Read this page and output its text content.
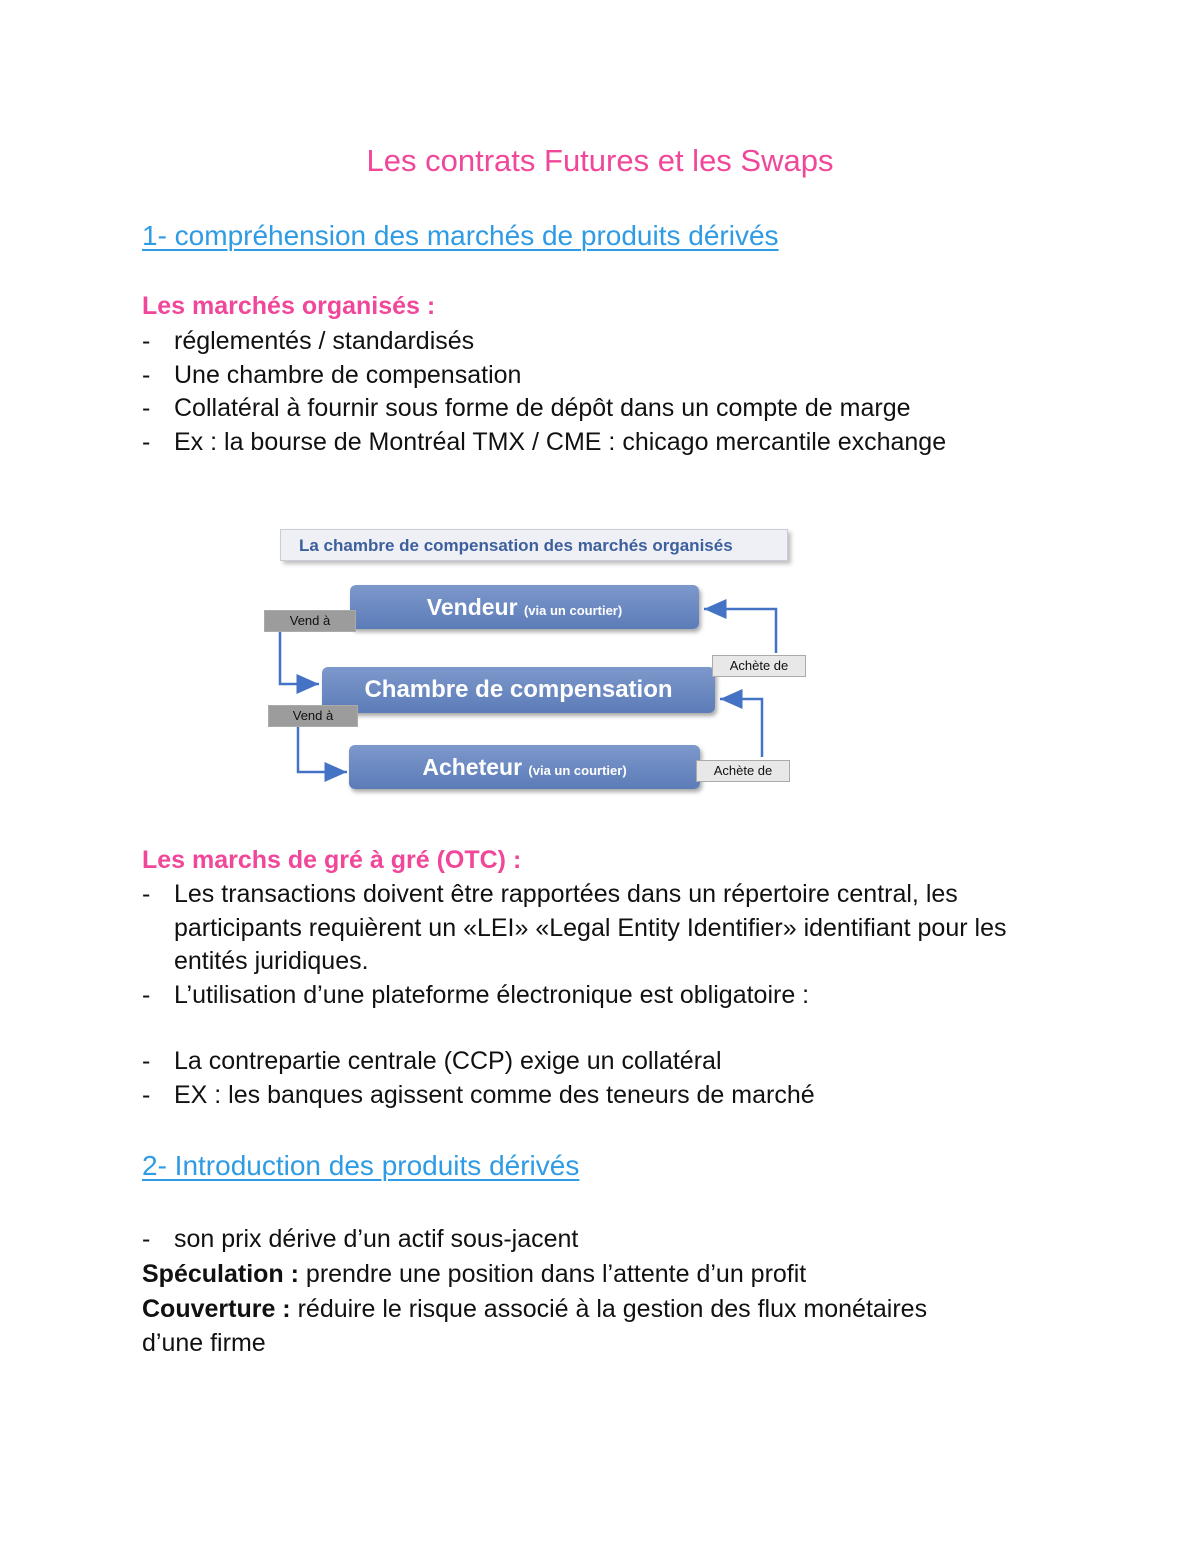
Les contrats Futures et les Swaps
1- compréhension des marchés de produits dérivés
Les marchés organisés :
- réglementés / standardisés
- Une chambre de compensation
- Collatéral à fournir sous forme de dépôt dans un compte de marge
- Ex : la bourse de Montréal TMX / CME : chicago mercantile exchange
La chambre de compensation des marchés organisés
Vendeur (via un courtier)
Chambre de compensation
Acheteur (via un courtier)
Vend à
Achète de
Vend à
Achète de
Les marchs de gré à gré (OTC) :
- Les transactions doivent être rapportées dans un répertoire central, les participants requièrent un «LEI» «Legal Entity Identifier» identifiant pour les entités juridiques.
- L’utilisation d’une plateforme électronique est obligatoire :
- La contrepartie centrale (CCP) exige un collatéral
- EX : les banques agissent comme des teneurs de marché
2- Introduction des produits dérivés
- son prix dérive d’un actif sous-jacent
Spéculation : prendre une position dans l’attente d’un profit
Couverture : réduire le risque associé à la gestion des flux monétaires d’une firme
